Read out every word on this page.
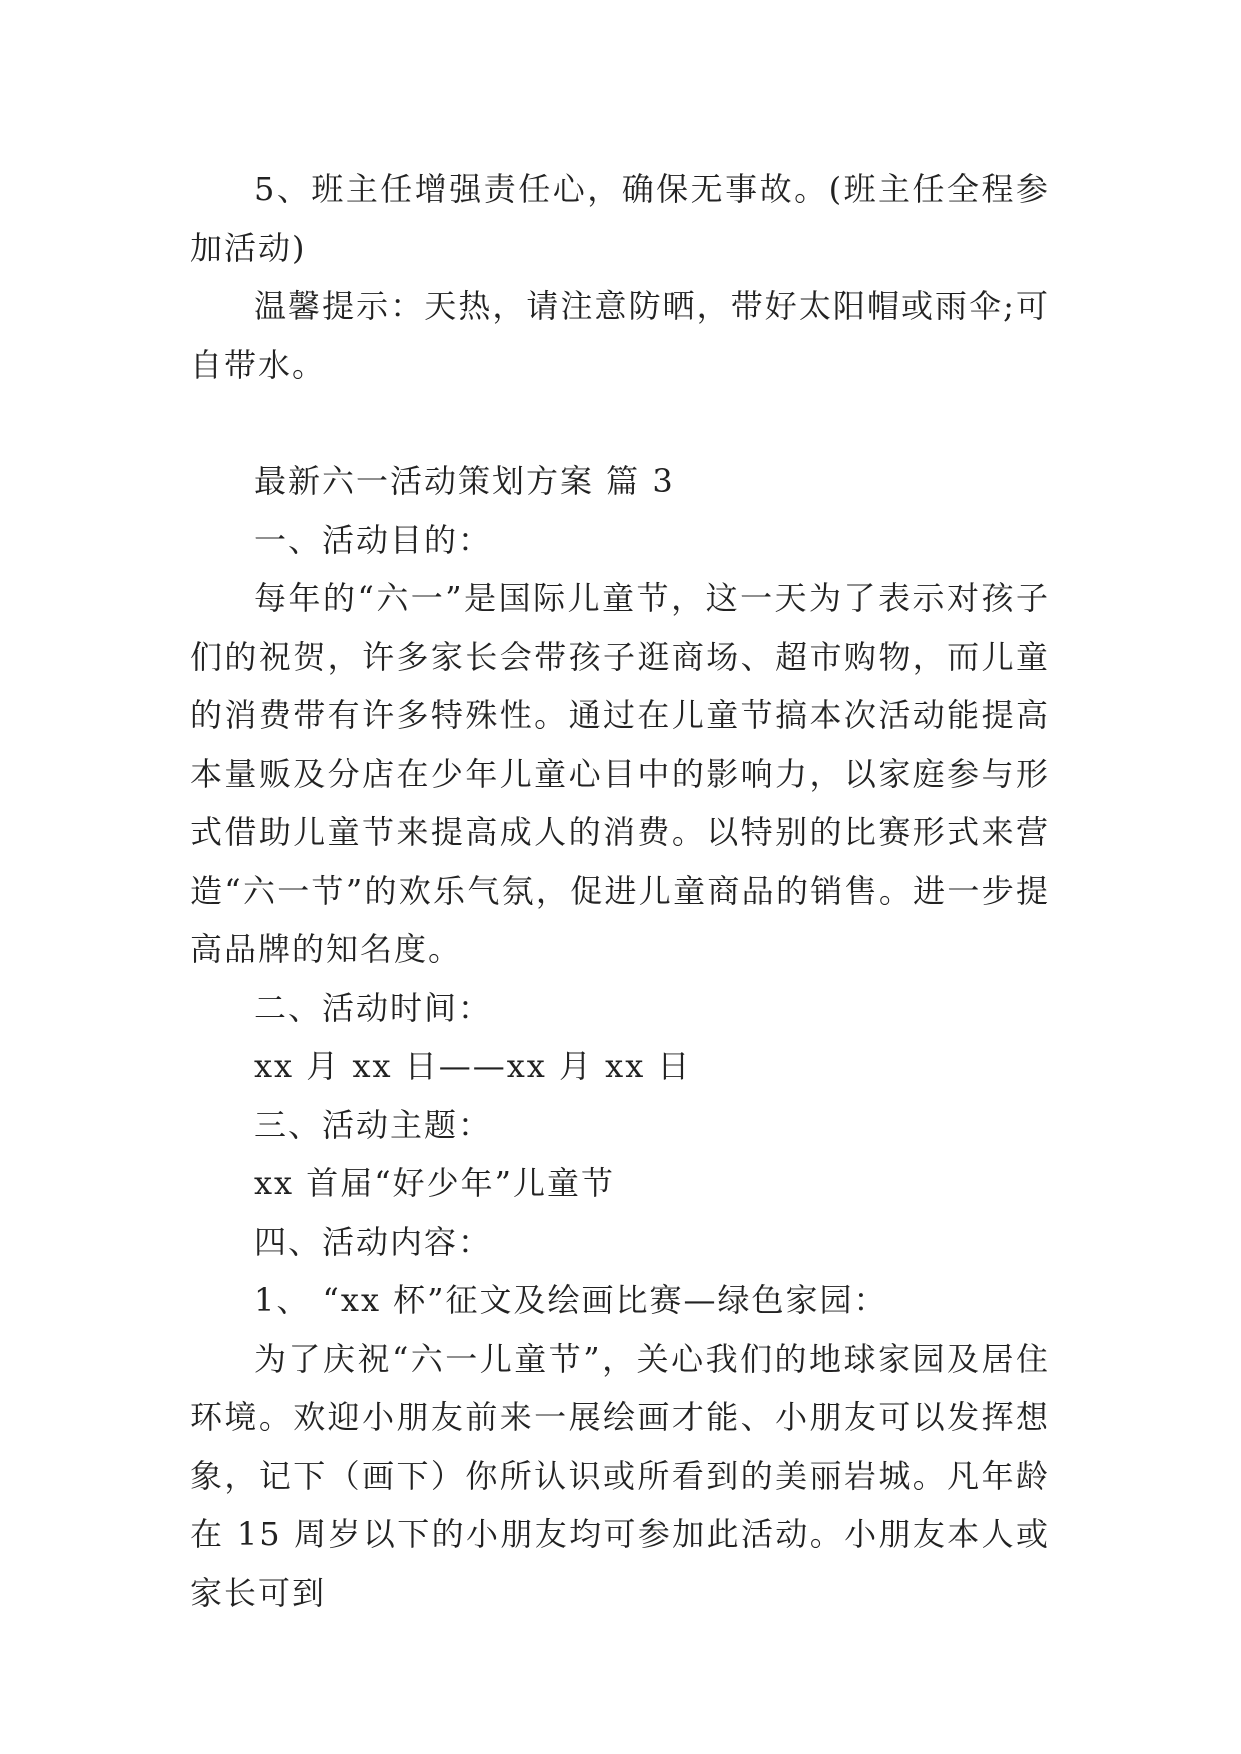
5、班主任增强责任心，确保无事故。(班主任全程参加活动)

温馨提示：天热，请注意防晒，带好太阳帽或雨伞;可自带水。

最新六一活动策划方案 篇 3

一、活动目的：

每年的“六一”是国际儿童节，这一天为了表示对孩子们的祝贺，许多家长会带孩子逛商场、超市购物，而儿童的消费带有许多特殊性。通过在儿童节搞本次活动能提高本量贩及分店在少年儿童心目中的影响力，以家庭参与形式借助儿童节来提高成人的消费。以特别的比赛形式来营造“六一节”的欢乐气氛，促进儿童商品的销售。进一步提高品牌的知名度。

二、活动时间：

xx 月 xx 日——xx 月 xx 日

三、活动主题：

xx 首届“好少年”儿童节

四、活动内容：

1、 “xx 杯”征文及绘画比赛—绿色家园：

为了庆祝“六一儿童节”，关心我们的地球家园及居住环境。欢迎小朋友前来一展绘画才能、小朋友可以发挥想象，记下（画下）你所认识或所看到的美丽岩城。凡年龄在 15 周岁以下的小朋友均可参加此活动。小朋友本人或家长可到
